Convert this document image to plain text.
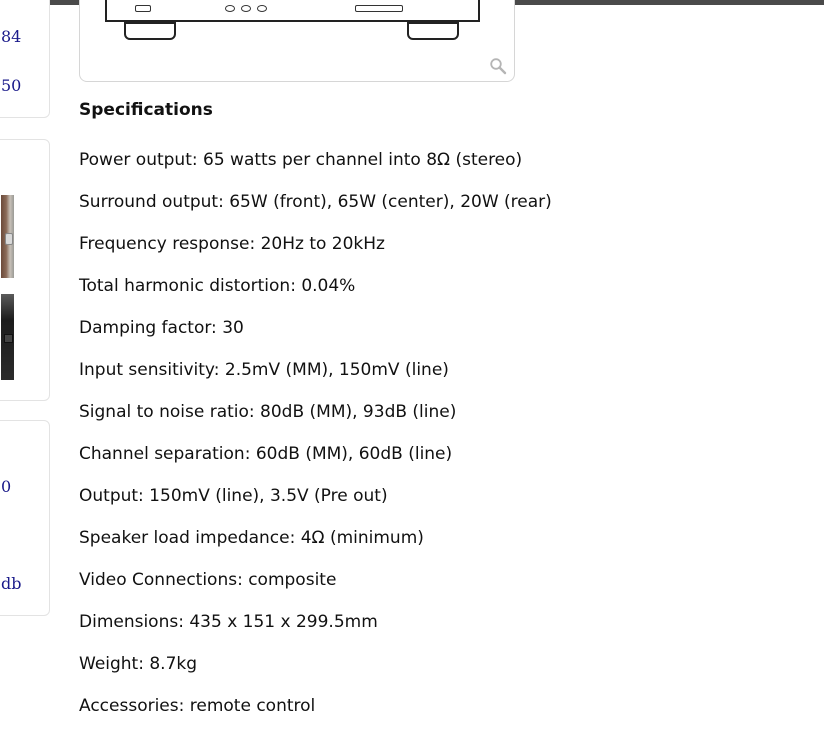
84
50
0
db
Specifications
Power output: 65 watts per channel into 8Ω (stereo)
Surround output: 65W (front), 65W (center), 20W (rear)
Frequency response: 20Hz to 20kHz
Total harmonic distortion: 0.04%
Damping factor: 30
Input sensitivity: 2.5mV (MM), 150mV (line)
Signal to noise ratio: 80dB (MM), 93dB (line)
Channel separation: 60dB (MM), 60dB (line)
Output: 150mV (line), 3.5V (Pre out)
Speaker load impedance: 4Ω (minimum)
Video Connections: composite
Dimensions: 435 x 151 x 299.5mm
Weight: 8.7kg
Accessories: remote control
